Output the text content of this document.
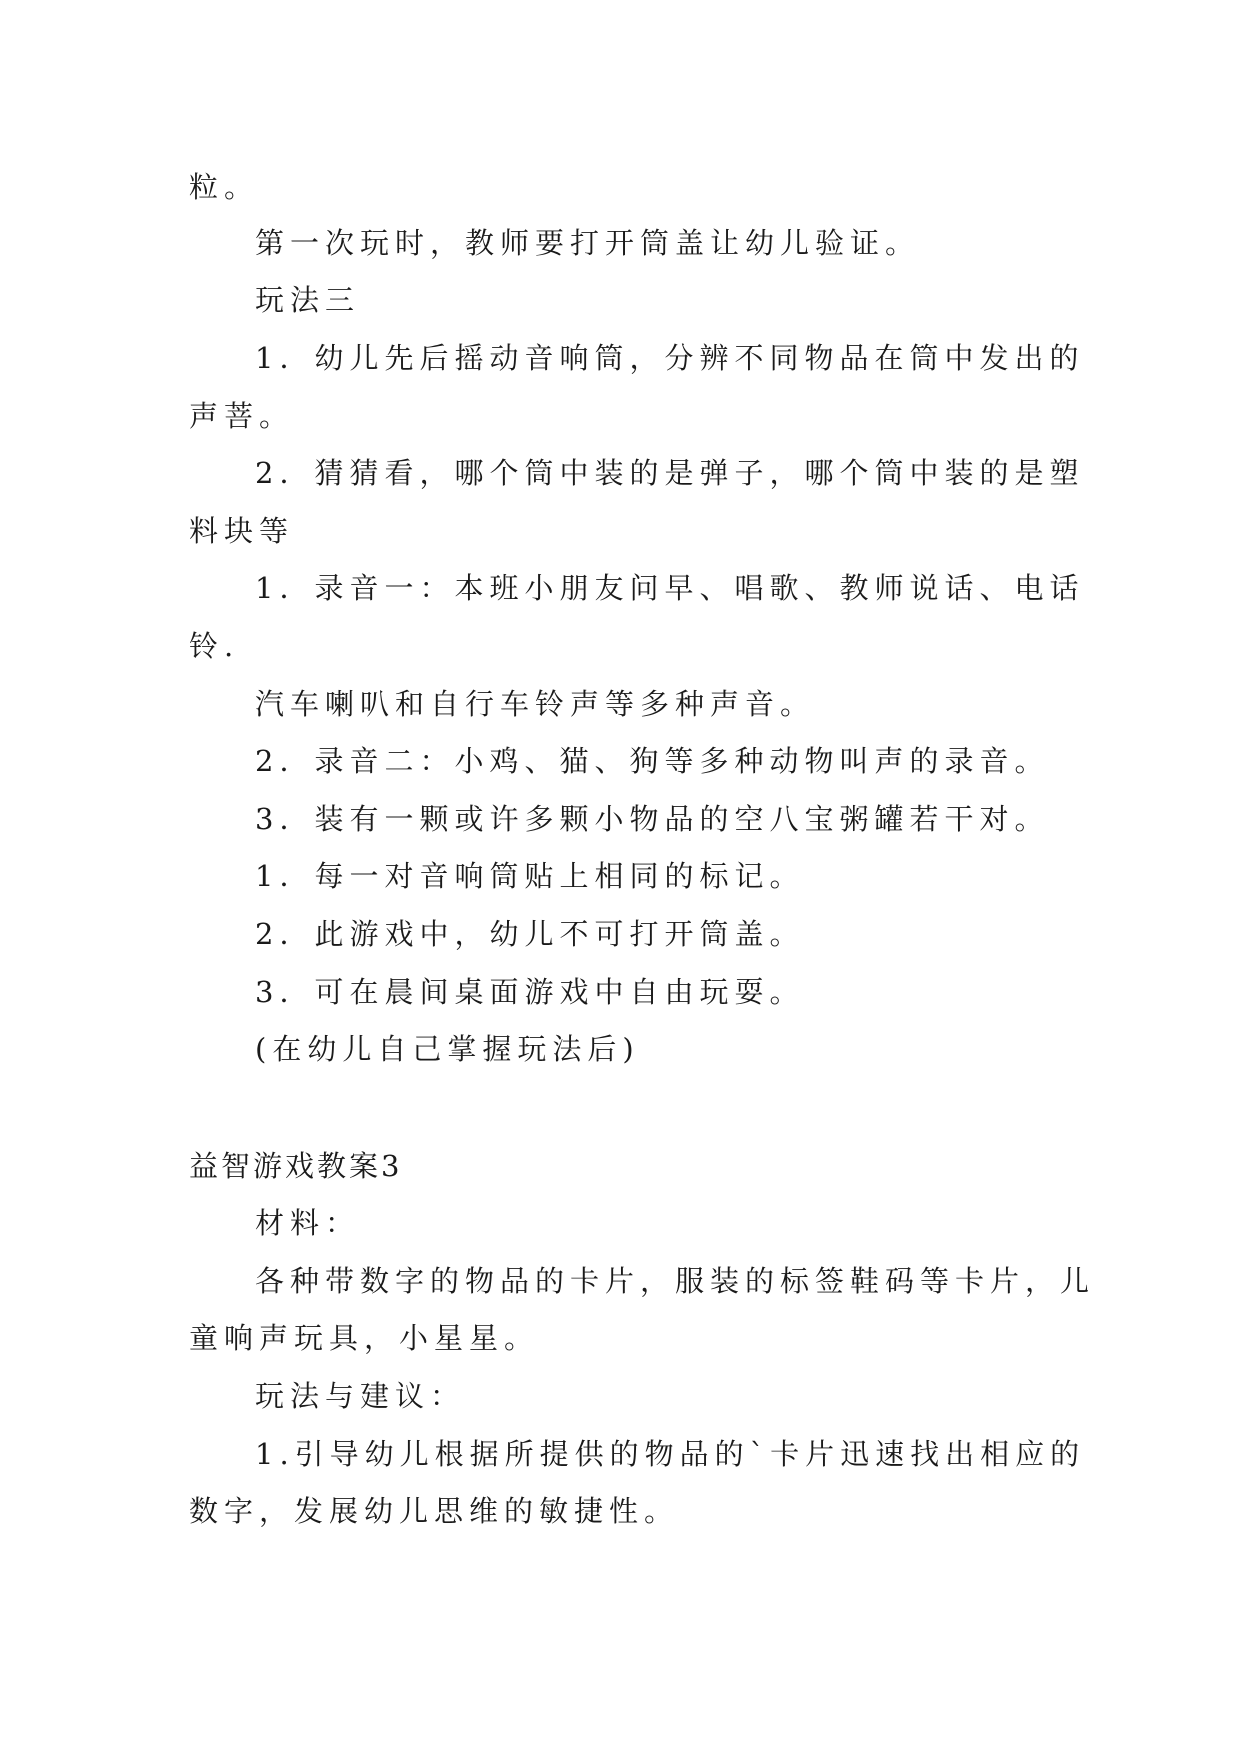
粒。
第一次玩时，教师要打开筒盖让幼儿验证。
玩法三
1．幼儿先后摇动音响筒，分辨不同物品在筒中发出的
声菩。
2．猜猜看，哪个筒中装的是弹子，哪个筒中装的是塑
料块等
1．录音一：本班小朋友问早、唱歌、教师说话、电话
铃.
汽车喇叭和自行车铃声等多种声音。
2．录音二：小鸡、猫、狗等多种动物叫声的录音。
3．装有一颗或许多颗小物品的空八宝粥罐若干对。
1．每一对音响筒贴上相同的标记。
2．此游戏中，幼儿不可打开筒盖。
3．可在晨间桌面游戏中自由玩耍。
(在幼儿自己掌握玩法后)
益智游戏教案3
材料：
各种带数字的物品的卡片，服装的标签鞋码等卡片，儿
童响声玩具，小星星。
玩法与建议：
1.引导幼儿根据所提供的物品的`卡片迅速找出相应的
数字，发展幼儿思维的敏捷性。
